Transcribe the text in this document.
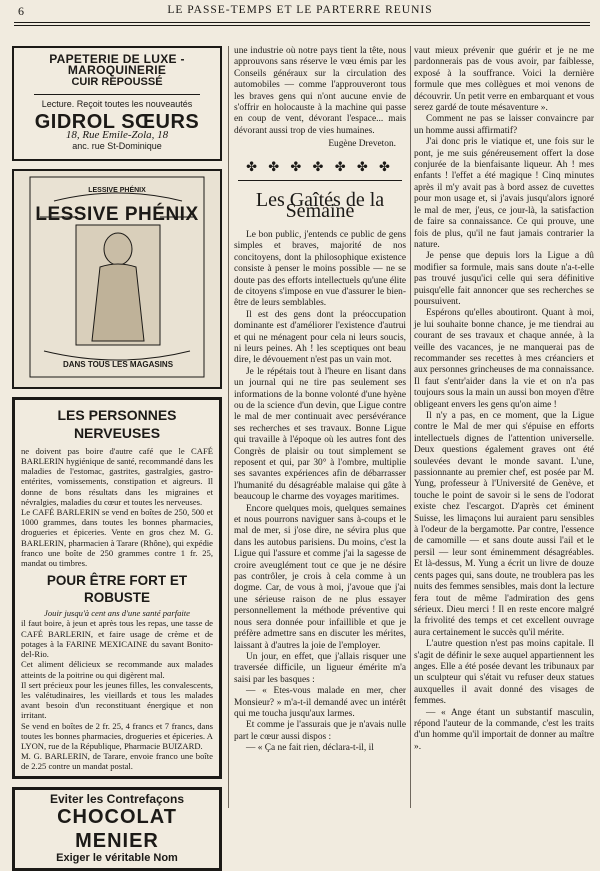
6	LE PASSE-TEMPS ET LE PARTERRE REUNIS
PAPETERIE DE LUXE - MAROQUINERIE
CUIR REPOUSSÉ
Lecture. Reçoit toutes les nouveautés
GIDROL SŒURS
18, Rue Emile-Zola, 18
anc. rue St-Dominique
LESSIVE PHÉNIX
LESSIVE PHÉNIX
DANS TOUS LES MAGASINS
LES PERSONNES NERVEUSES
ne doivent pas boire d'autre café que le CAFÉ BARLERIN hygiénique de santé, recommandé dans les maladies de l'estomac, gastrites, gastralgies, gastro-entérites, vomissements, constipation et aigreurs. Il donne de bons résultats dans les migraines et névralgies, maladies du cœur et toutes les nerveuses.
Le CAFÉ BARLERIN se vend en boîtes de 250, 500 et 1000 grammes, dans toutes les bonnes pharmacies, drogueries et épiceries. Vente en gros chez M. G. BARLERIN, pharmacien à Tarare (Rhône), qui expédie franco une boîte de 250 grammes contre 1 fr. 25, mandat ou timbres.
POUR ÊTRE FORT ET ROBUSTE
Jouir jusqu'à cent ans d'une santé parfaite
il faut boire, à jeun et après tous les repas, une tasse de CAFÉ BARLERIN, et faire usage de crème et de potages à la FARINE MEXICAINE du savant Bonito-del-Rio.
Cet aliment délicieux se recommande aux malades atteints de la poitrine ou qui digèrent mal.
Il sert précieux pour les jeunes filles, les convalescents, les valétudinaires, les vieillards et tous les malades avant besoin d'un reconstituant énergique et non irritant.
Se vend en boîtes de 2 fr. 25, 4 francs et 7 francs, dans toutes les bonnes pharmacies, drogueries et épiceries. A LYON, rue de la République, Pharmacie BUIZARD.
M. G. BARLERIN, de Tarare, envoie franco une boîte de 2.25 contre un mandat postal.
Eviter les Contrefaçons
CHOCOLAT
MENIER
Exiger le véritable Nom

une industrie où notre pays tient la tête, nous approuvons sans réserve le vœu émis par les Conseils généraux sur la circulation des automobiles — comme l'approuveront tous les braves gens qui n'ont aucune envie de s'offrir en holocauste à la machine qui passe en coup de vent, dévorant l'espace... mais dévorant aussi trop de vies humaines.

Eugène Dreveton.
✤ ✤ ✤ ✤ ✤ ✤ ✤
Les Gaîtés de la Semaine

Le bon public, j'entends ce public de gens simples et braves, majorité de nos concitoyens, dont la philosophique existence consiste à penser le moins possible — ne se doute pas des efforts intellectuels qu'une élite de citoyens s'impose en vue d'assurer le bien-être de leurs semblables.

Il est des gens dont la préoccupation dominante est d'améliorer l'existence d'autrui et qui ne ménagent pour cela ni leurs soucis, ni leurs peines. Ah ! les sceptiques ont beau dire, le dévouement n'est pas un vain mot.

Je le répétais tout à l'heure en lisant dans un journal qui ne tire pas seulement ses informations de la bonne volonté d'une hyène ou de la science d'un devin, que Ligue contre le mal de mer continuait avec persévérance ses recherches et ses travaux. Bonne Ligue qui travaille à l'époque où les autres font des Congrès de plaisir ou tout simplement se reposent et qui, par 30° à l'ombre, multiplie ses savantes expériences afin de débarrasser l'humanité du désagréable malaise qui gâte à beaucoup le charme des voyages maritimes.

Encore quelques mois, quelques semaines et nous pourrons naviguer sans à-coups et le mal de mer, si j'ose dire, ne sévira plus que dans les autobus parisiens. Du moins, c'est la Ligue qui l'assure et comme j'ai la sagesse de croire aveuglément tout ce que je ne désire pas contrôler, je crois à cela comme à un dogme. Car, de vous à moi, j'avoue que j'ai une sérieuse raison de ne plus essayer personnellement la méthode préventive qui nous sera donnée pour infaillible et que je préfère admettre sans en discuter les mérites, laissant à d'autres la joie de l'employer.

Un jour, en effet, que j'allais risquer une traversée difficile, un ligueur émérite m'a saisi par les basques :

— « Etes-vous malade en mer, cher Monsieur? » m'a-t-il demandé avec un intérêt qui me toucha jusqu'aux larmes.

Et comme je l'assurais que je n'avais nulle part le cœur aussi dispos :

— « Ça ne fait rien, déclara-t-il, il

vaut mieux prévenir que guérir et je ne me pardonnerais pas de vous avoir, par faiblesse, exposé à la souffrance. Voici la dernière formule que mes collègues et moi venons de découvrir. Un petit verre en embarquant et vous serez gardé de toute mésaventure ».

Comment ne pas se laisser convaincre par un homme aussi affirmatif?

J'ai donc pris le viatique et, une fois sur le pont, je me suis généreusement offert la dose conjurée de la bienfaisante liqueur. Ah ! mes enfants ! l'effet a été magique ! Cinq minutes après il m'y avait pas à bord assez de cuvettes pour mon usage et, si j'avais jusqu'alors ignoré le mal de mer, j'eus, ce jour-là, la satisfaction de faire sa connaissance. Ce qui prouve, une fois de plus, qu'il ne faut jamais contrarier la nature.

Je pense que depuis lors la Ligue a dû modifier sa formule, mais sans doute n'a-t-elle pas trouvé jusqu'ici celle qui sera définitive puisqu'elle fait annoncer que ses recherches se poursuivent.

Espérons qu'elles aboutiront. Quant à moi, je lui souhaite bonne chance, je me tiendrai au courant de ses travaux et chaque année, à la veille des vacances, je ne manquerai pas de recommander ses recettes à mes créanciers et aux personnes grincheuses de ma connaissance. Il faut s'entr'aider dans la vie et on n'a pas toujours sous la main un aussi bon moyen d'être obligeant envers les gens qu'on aime !

Il n'y a pas, en ce moment, que la Ligue contre le Mal de mer qui s'épuise en efforts intellectuels dignes de l'attention universelle. Deux questions également graves ont été soulevées devant le monde savant. L'une, passionnante au premier chef, est posée par M. Yung, professeur à l'Université de Genève, et touche le point de savoir si le sens de l'odorat existe chez l'escargot. D'après cet éminent Suisse, les limaçons lui auraient paru sensibles à l'odeur de la bergamotte. Par contre, l'essence de camomille — et sans doute aussi l'ail et le persil — leur sont éminemment désagréables. Et là-dessus, M. Yung a écrit un livre de douze cents pages qui, sans doute, ne troublera pas les nuits des femmes sensibles, mais dont la lecture fera tout de même l'admiration des gens sérieux. Dieu merci ! Il en reste encore malgré la frivolité des temps et cet excellent ouvrage aura certainement le succès qu'il mérite.

L'autre question n'est pas moins capitale. Il s'agit de définir le sexe auquel appartiennent les anges. Elle a été posée devant les tribunaux par un sculpteur qui s'était vu refuser deux statues auxquelles il avait donné des visages de femmes.

— « Ange étant un substantif masculin, répond l'auteur de la commande, c'est les traits d'un homme qu'il importait de donner au maître ».
